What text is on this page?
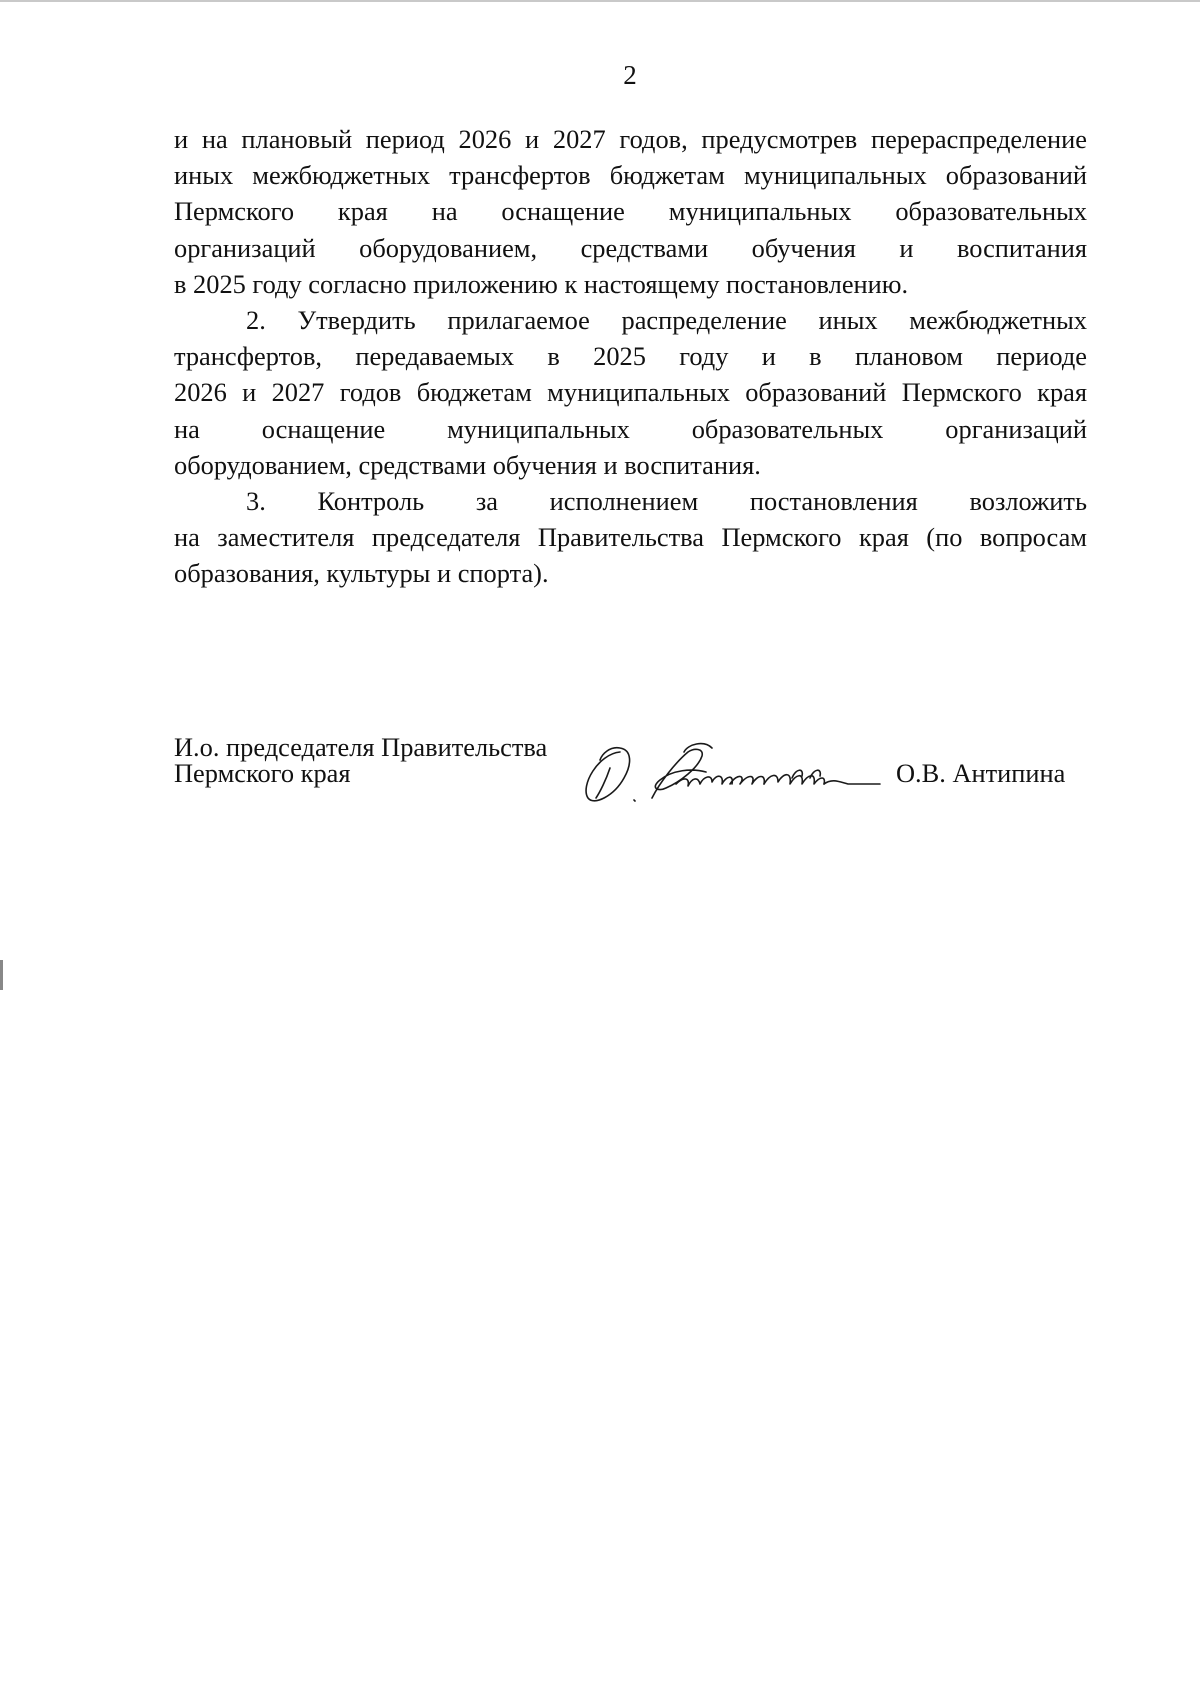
2
и на плановый период 2026 и 2027 годов, предусмотрев перераспределение
иных межбюджетных трансфертов бюджетам муниципальных образований
Пермского края на оснащение муниципальных образовательных
организаций оборудованием, средствами обучения и воспитания
в 2025 году согласно приложению к настоящему постановлению.
2. Утвердить прилагаемое распределение иных межбюджетных
трансфертов, передаваемых в 2025 году и в плановом периоде
2026 и 2027 годов бюджетам муниципальных образований Пермского края
на оснащение муниципальных образовательных организаций
оборудованием, средствами обучения и воспитания.
3. Контроль за исполнением постановления возложить
на заместителя председателя Правительства Пермского края (по вопросам
образования, культуры и спорта).
И.о. председателя Правительства
Пермского края	О.В. Антипина
